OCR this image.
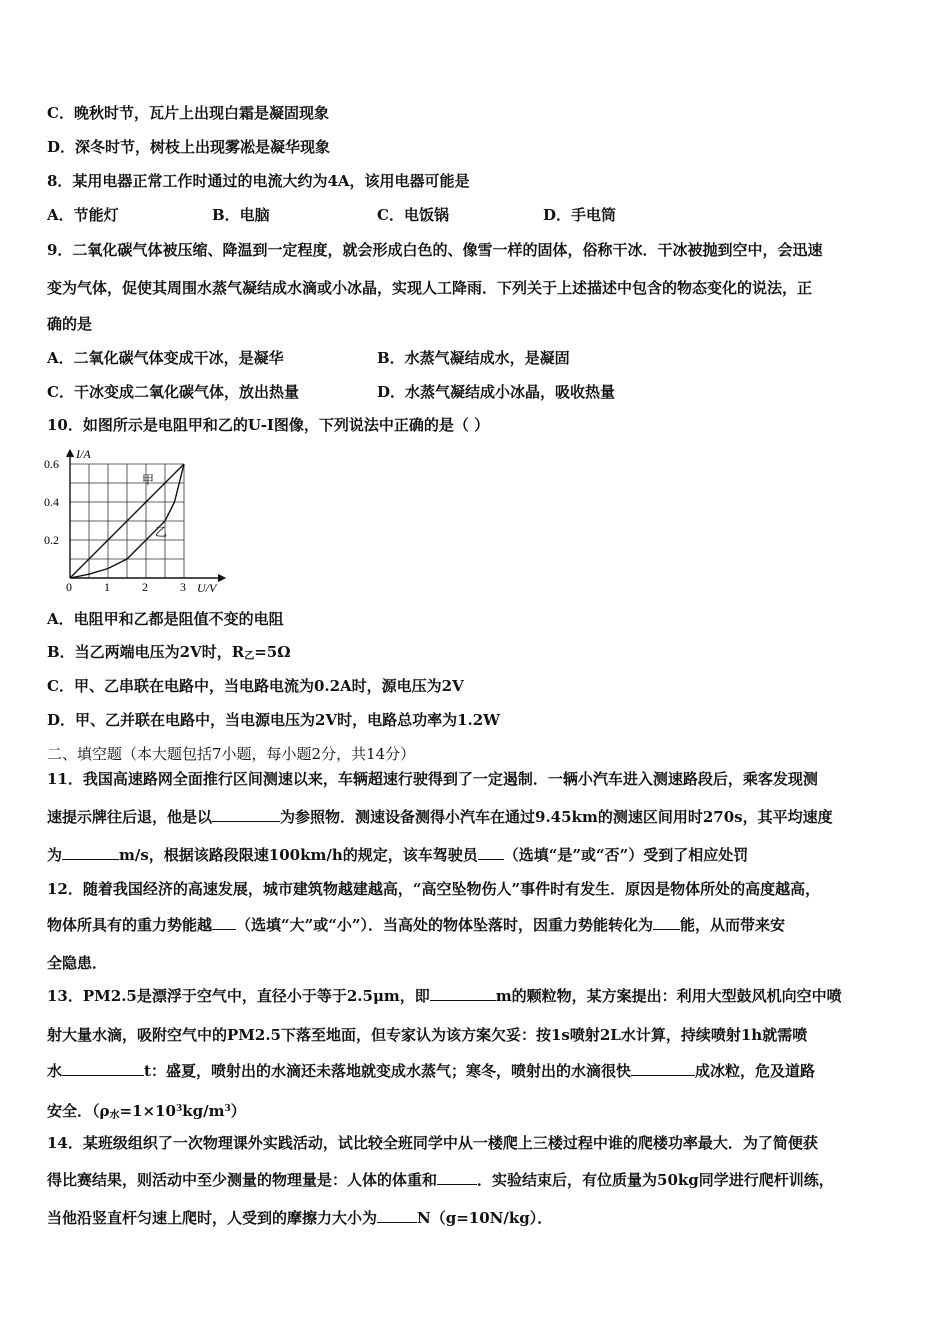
C．晚秋时节，瓦片上出现白霜是凝固现象
D．深冬时节，树枝上出现雾凇是凝华现象
8．某用电器正常工作时通过的电流大约为4A，该用电器可能是
A．节能灯	B．电脑	C．电饭锅	D．手电筒
9．二氧化碳气体被压缩、降温到一定程度，就会形成白色的、像雪一样的固体，俗称干冰．干冰被抛到空中，会迅速
变为气体，促使其周围水蒸气凝结成水滴或小冰晶，实现人工降雨．下列关于上述描述中包含的物态变化的说法，正
确的是
A．二氧化碳气体变成干冰，是凝华	B．水蒸气凝结成水，是凝固
C．干冰变成二氧化碳气体，放出热量	D．水蒸气凝结成小冰晶，吸收热量
10．如图所示是电阻甲和乙的U-I图像，下列说法中正确的是（ ）
I/A
U/V
0	1	2	3
0.2
0.4
0.6
甲
乙
A．电阻甲和乙都是阻值不变的电阻
B．当乙两端电压为2V时，$R_乙=5\Omega$
C．甲、乙串联在电路中，当电路电流为0.2A时，源电压为2V
D．甲、乙并联在电路中，当电源电压为2V时，电路总功率为1.2W
二、填空题（本大题包括7小题，每小题2分，共14分）
11．我国高速路网全面推行区间测速以来，车辆超速行驶得到了一定遏制．一辆小汽车进入测速路段后，乘客发现测
速提示牌往后退，他是以	为参照物．测速设备测得小汽车在通过9.45km的测速区间用时270s，其平均速度
为	m/s，根据该路段限速100km/h的规定，该车驾驶员 （选填“是”或“否”）受到了相应处罚
12．随着我国经济的高速发展，城市建筑物越建越高，“高空坠物伤人”事件时有发生．原因是物体所处的高度越高，
物体所具有的重力势能越 （选填“大”或“小”）．当高处的物体坠落时，因重力势能转化为 能，从而带来安
全隐患．
13．PM2.5是漂浮于空气中，直径小于等于2.5μm，即	m的颗粒物，某方案提出：利用大型鼓风机向空中喷
射大量水滴，吸附空气中的PM2.5下落至地面，但专家认为该方案欠妥：按1s喷射2L水计算，持续喷射1h就需喷
水	t：盛夏，喷射出的水滴还未落地就变成水蒸气；寒冬，喷射出的水滴很快	成冰粒，危及道路
安全．$(\rho_水=1\times 10^3kg/m^3)$
14．某班级组织了一次物理课外实践活动，试比较全班同学中从一楼爬上三楼过程中谁的爬楼功率最大．为了简便获
得比赛结果，则活动中至少测量的物理量是：人体的体重和	．实验结束后，有位质量为50kg同学进行爬杆训练，
当他沿竖直杆匀速上爬时，人受到的摩擦力大小为	N（g=10N/kg）．
